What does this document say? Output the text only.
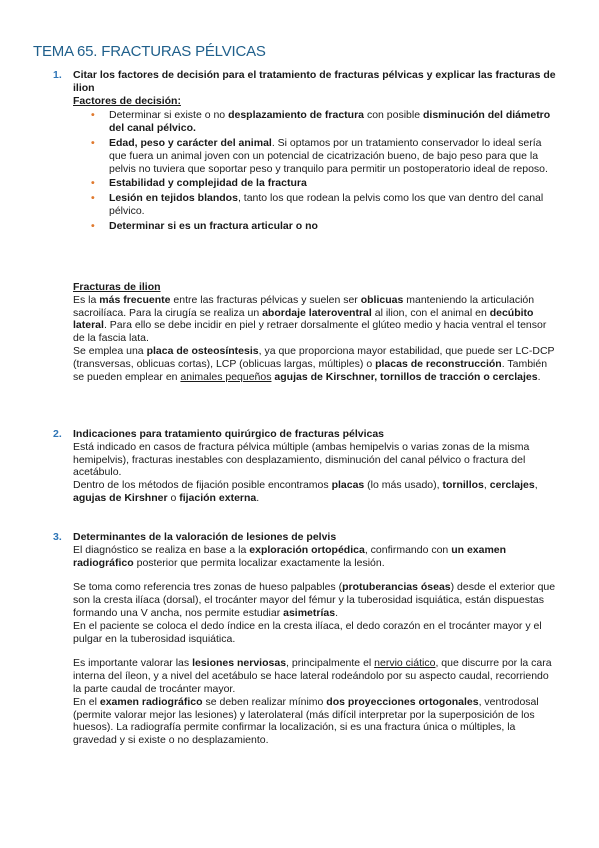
TEMA 65. FRACTURAS PÉLVICAS
1. Citar los factores de decisión para el tratamiento de fracturas pélvicas y explicar las fracturas de ilion

Factores de decisión:

• Determinar si existe o no desplazamiento de fractura con posible disminución del diámetro del canal pélvico.
• Edad, peso y carácter del animal. Si optamos por un tratamiento conservador lo ideal sería que fuera un animal joven con un potencial de cicatrización bueno, de bajo peso para que la pelvis no tuviera que soportar peso y tranquilo para permitir un postoperatorio ideal de reposo.
• Estabilidad y complejidad de la fractura
• Lesión en tejidos blandos, tanto los que rodean la pelvis como los que van dentro del canal pélvico.
• Determinar si es un fractura articular o no

Fracturas de ilion

Es la más frecuente entre las fracturas pélvicas y suelen ser oblicuas manteniendo la articulación sacroilíaca. Para la cirugía se realiza un abordaje lateroventral al ilion, con el animal en decúbito lateral. Para ello se debe incidir en piel y retraer dorsalmente el glúteo medio y hacia ventral el tensor de la fascia lata.

Se emplea una placa de osteosíntesis, ya que proporciona mayor estabilidad, que puede ser LC-DCP (transversas, oblicuas cortas), LCP (oblicuas largas, múltiples) o placas de reconstrucción. También se pueden emplear en animales pequeños agujas de Kirschner, tornillos de tracción o cerclajes.

2. Indicaciones para tratamiento quirúrgico de fracturas pélvicas

Está indicado en casos de fractura pélvica múltiple (ambas hemipelvis o varias zonas de la misma hemipelvis), fracturas inestables con desplazamiento, disminución del canal pélvico o fractura del acetábulo.

Dentro de los métodos de fijación posible encontramos placas (lo más usado), tornillos, cerclajes, agujas de Kirshner o fijación externa.

3. Determinantes de la valoración de lesiones de pelvis

El diagnóstico se realiza en base a la exploración ortopédica, confirmando con un examen radiográfico posterior que permita localizar exactamente la lesión.

Se toma como referencia tres zonas de hueso palpables (protuberancias óseas) desde el exterior que son la cresta ilíaca (dorsal), el trocánter mayor del fémur y la tuberosidad isquiática, están dispuestas formando una V ancha, nos permite estudiar asimetrías.

En el paciente se coloca el dedo índice en la cresta ilíaca, el dedo corazón en el trocánter mayor y el pulgar en la tuberosidad isquiática.

Es importante valorar las lesiones nerviosas, principalmente el nervio ciático, que discurre por la cara interna del íleon, y a nivel del acetábulo se hace lateral rodeándolo por su aspecto caudal, recorriendo la parte caudal de trocánter mayor.

En el examen radiográfico se deben realizar mínimo dos proyecciones ortogonales, ventrodosal (permite valorar mejor las lesiones) y laterolateral (más difícil interpretar por la superposición de los huesos). La radiografía permite confirmar la localización, si es una fractura única o múltiples, la gravedad y si existe o no desplazamiento.
